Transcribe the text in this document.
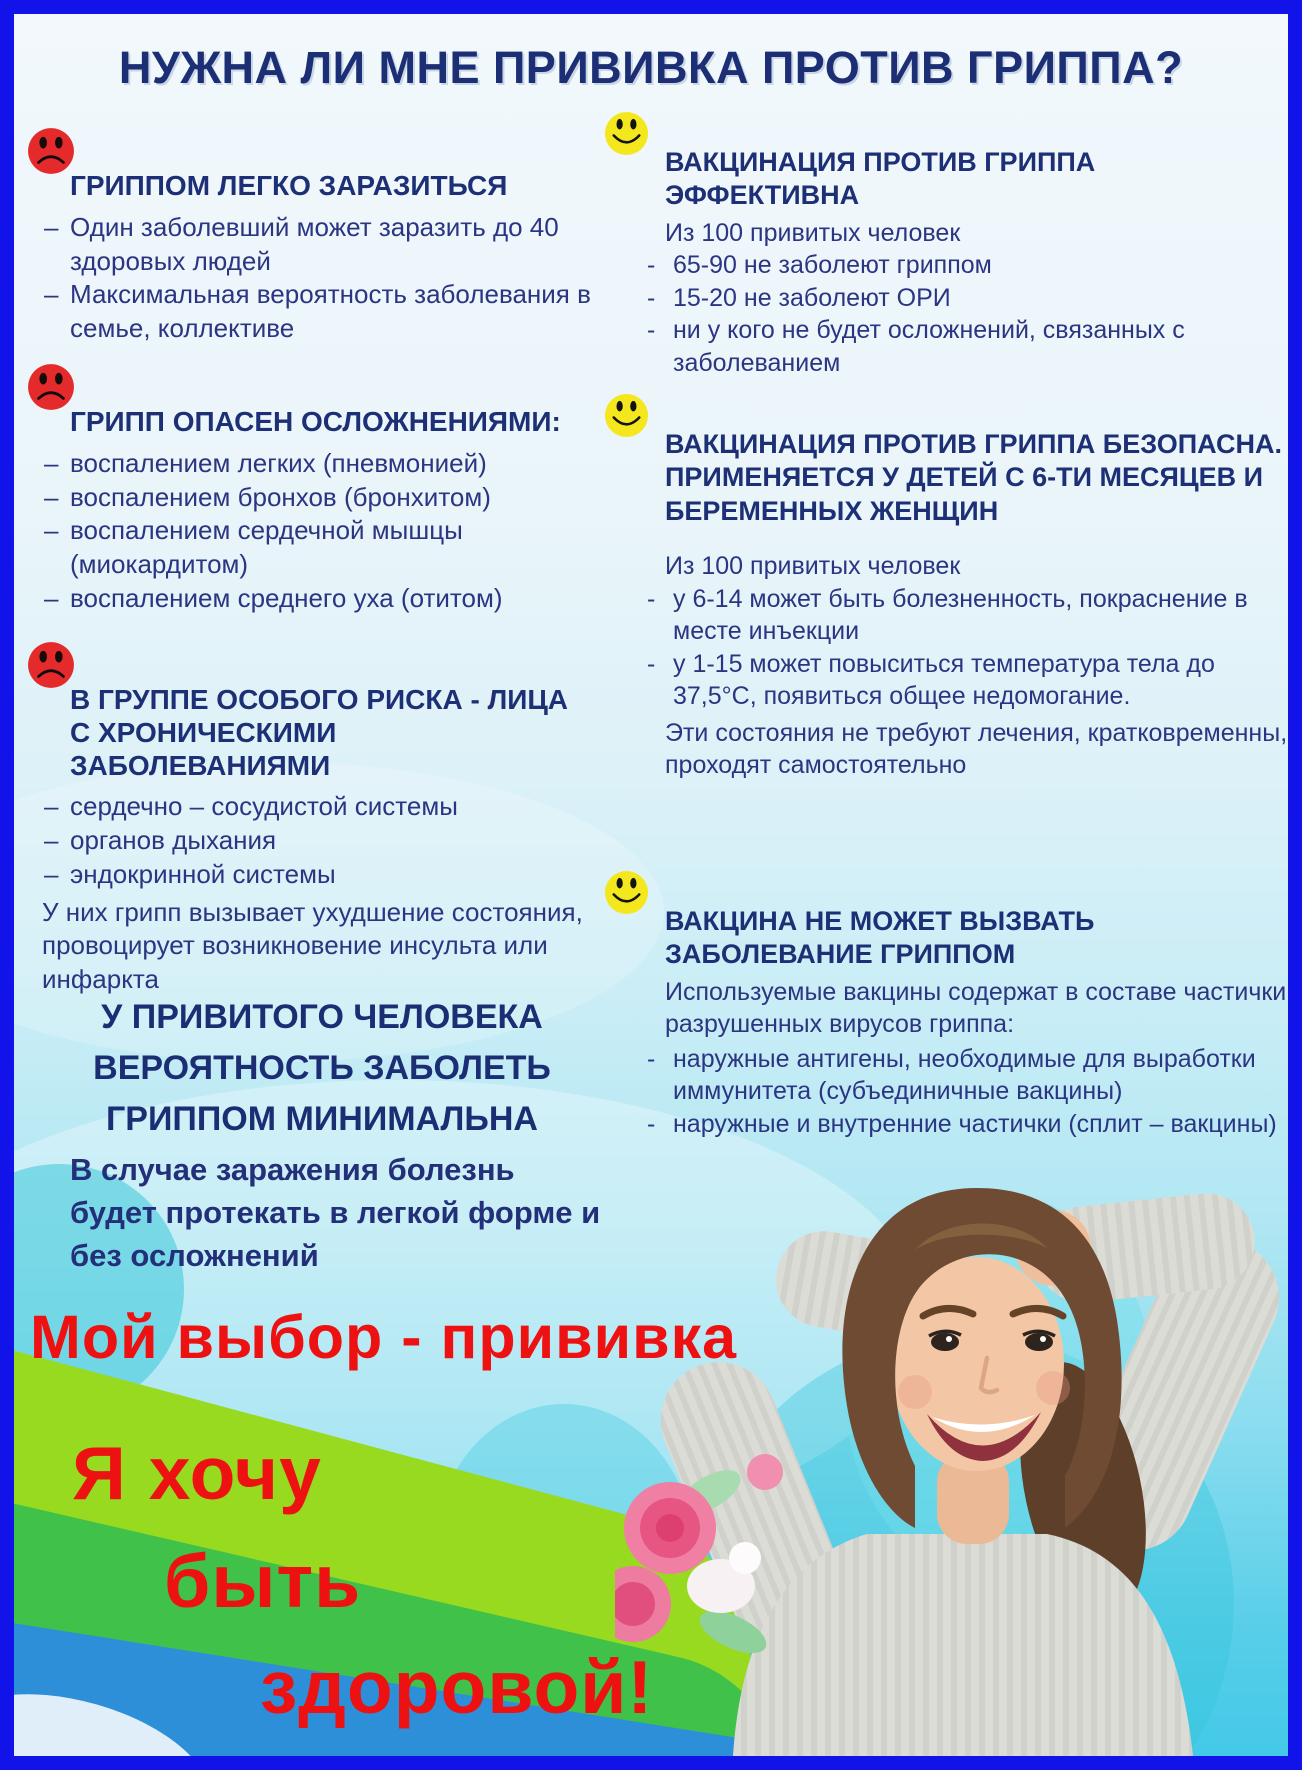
НУЖНА ЛИ МНЕ ПРИВИВКА ПРОТИВ ГРИППА?
ГРИППОМ ЛЕГКО ЗАРАЗИТЬСЯ
– Один заболевший может заразить до 40 здоровых людей
– Максимальная вероятность заболевания в семье, коллективе
ГРИПП ОПАСЕН ОСЛОЖНЕНИЯМИ:
– воспалением легких (пневмонией)
– воспалением бронхов (бронхитом)
– воспалением сердечной мышцы (миокардитом)
– воспалением среднего уха (отитом)
В ГРУППЕ ОСОБОГО РИСКА - ЛИЦА С ХРОНИЧЕСКИМИ ЗАБОЛЕВАНИЯМИ
– сердечно – сосудистой системы
– органов дыхания
– эндокринной системы
У них грипп вызывает ухудшение состояния, провоцирует возникновение инсульта или инфаркта
У ПРИВИТОГО ЧЕЛОВЕКА ВЕРОЯТНОСТЬ ЗАБОЛЕТЬ ГРИППОМ МИНИМАЛЬНА
В случае заражения болезнь будет протекать в легкой форме и без осложнений
ВАКЦИНАЦИЯ ПРОТИВ ГРИППА ЭФФЕКТИВНА
Из 100 привитых человек
- 65-90 не заболеют гриппом
- 15-20 не заболеют ОРИ
- ни у кого не будет осложнений, связанных с заболеванием
ВАКЦИНАЦИЯ ПРОТИВ ГРИППА БЕЗОПАСНА. ПРИМЕНЯЕТСЯ У ДЕТЕЙ С 6-ТИ МЕСЯЦЕВ И БЕРЕМЕННЫХ ЖЕНЩИН
Из 100 привитых человек
- у 6-14 может быть болезненность, покраснение в месте инъекции
- у 1-15 может повыситься температура тела до 37,5°С, появиться общее недомогание.
Эти состояния не требуют лечения, кратковременны, проходят самостоятельно
ВАКЦИНА НЕ МОЖЕТ ВЫЗВАТЬ ЗАБОЛЕВАНИЕ ГРИППОМ
Используемые вакцины содержат в составе частички разрушенных вирусов гриппа:
- наружные антигены, необходимые для выработки иммунитета (субъединичные вакцины)
- наружные и внутренние частички (сплит – вакцины)
Мой выбор - прививка
Я хочу
быть
здоровой!
